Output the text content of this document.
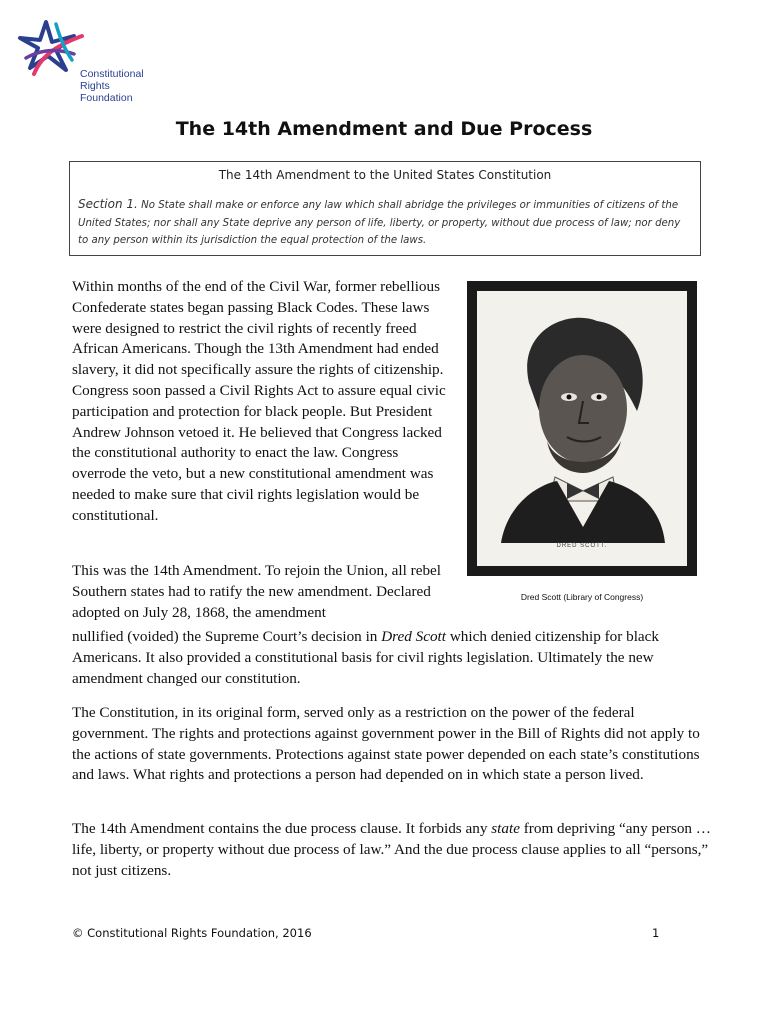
Constitutional
Rights
Foundation
The 14th Amendment and Due Process
The 14th Amendment to the United States Constitution
Section 1. No State shall make or enforce any law which shall abridge the privileges or immunities of citizens of the United States; nor shall any State deprive any person of life, liberty, or property, without due process of law; nor deny to any person within its jurisdiction the equal protection of the laws.

Within months of the end of the Civil War, former rebellious Confederate states began passing Black Codes. These laws were designed to restrict the civil rights of recently freed African Americans. Though the 13th Amendment had ended slavery, it did not specifically assure the rights of citizenship. Congress soon passed a Civil Rights Act to assure equal civic participation and protection for black people. But President Andrew Johnson vetoed it. He believed that Congress lacked the constitutional authority to enact the law. Congress overrode the veto, but a new constitutional amendment was needed to make sure that civil rights legislation would be constitutional.

This was the 14th Amendment. To rejoin the Union, all rebel Southern states had to ratify the new amendment. Declared adopted on July 28, 1868, the amendment

nullified (voided) the Supreme Court’s decision in Dred Scott which denied citizenship for black Americans. It also provided a constitutional basis for civil rights legislation. Ultimately the new amendment changed our constitution.

The Constitution, in its original form, served only as a restriction on the power of the federal government. The rights and protections against government power in the Bill of Rights did not apply to the actions of state governments. Protections against state power depended on each state’s constitutions and laws. What rights and protections a person had depended on in which state a person lived.

The 14th Amendment contains the due process clause. It forbids any state from depriving “any person … life, liberty, or property without due process of law.” And the due process clause applies to all “persons,” not just citizens.

DRED SCOTT.
Dred Scott (Library of Congress)
© Constitutional Rights Foundation, 2016	1
